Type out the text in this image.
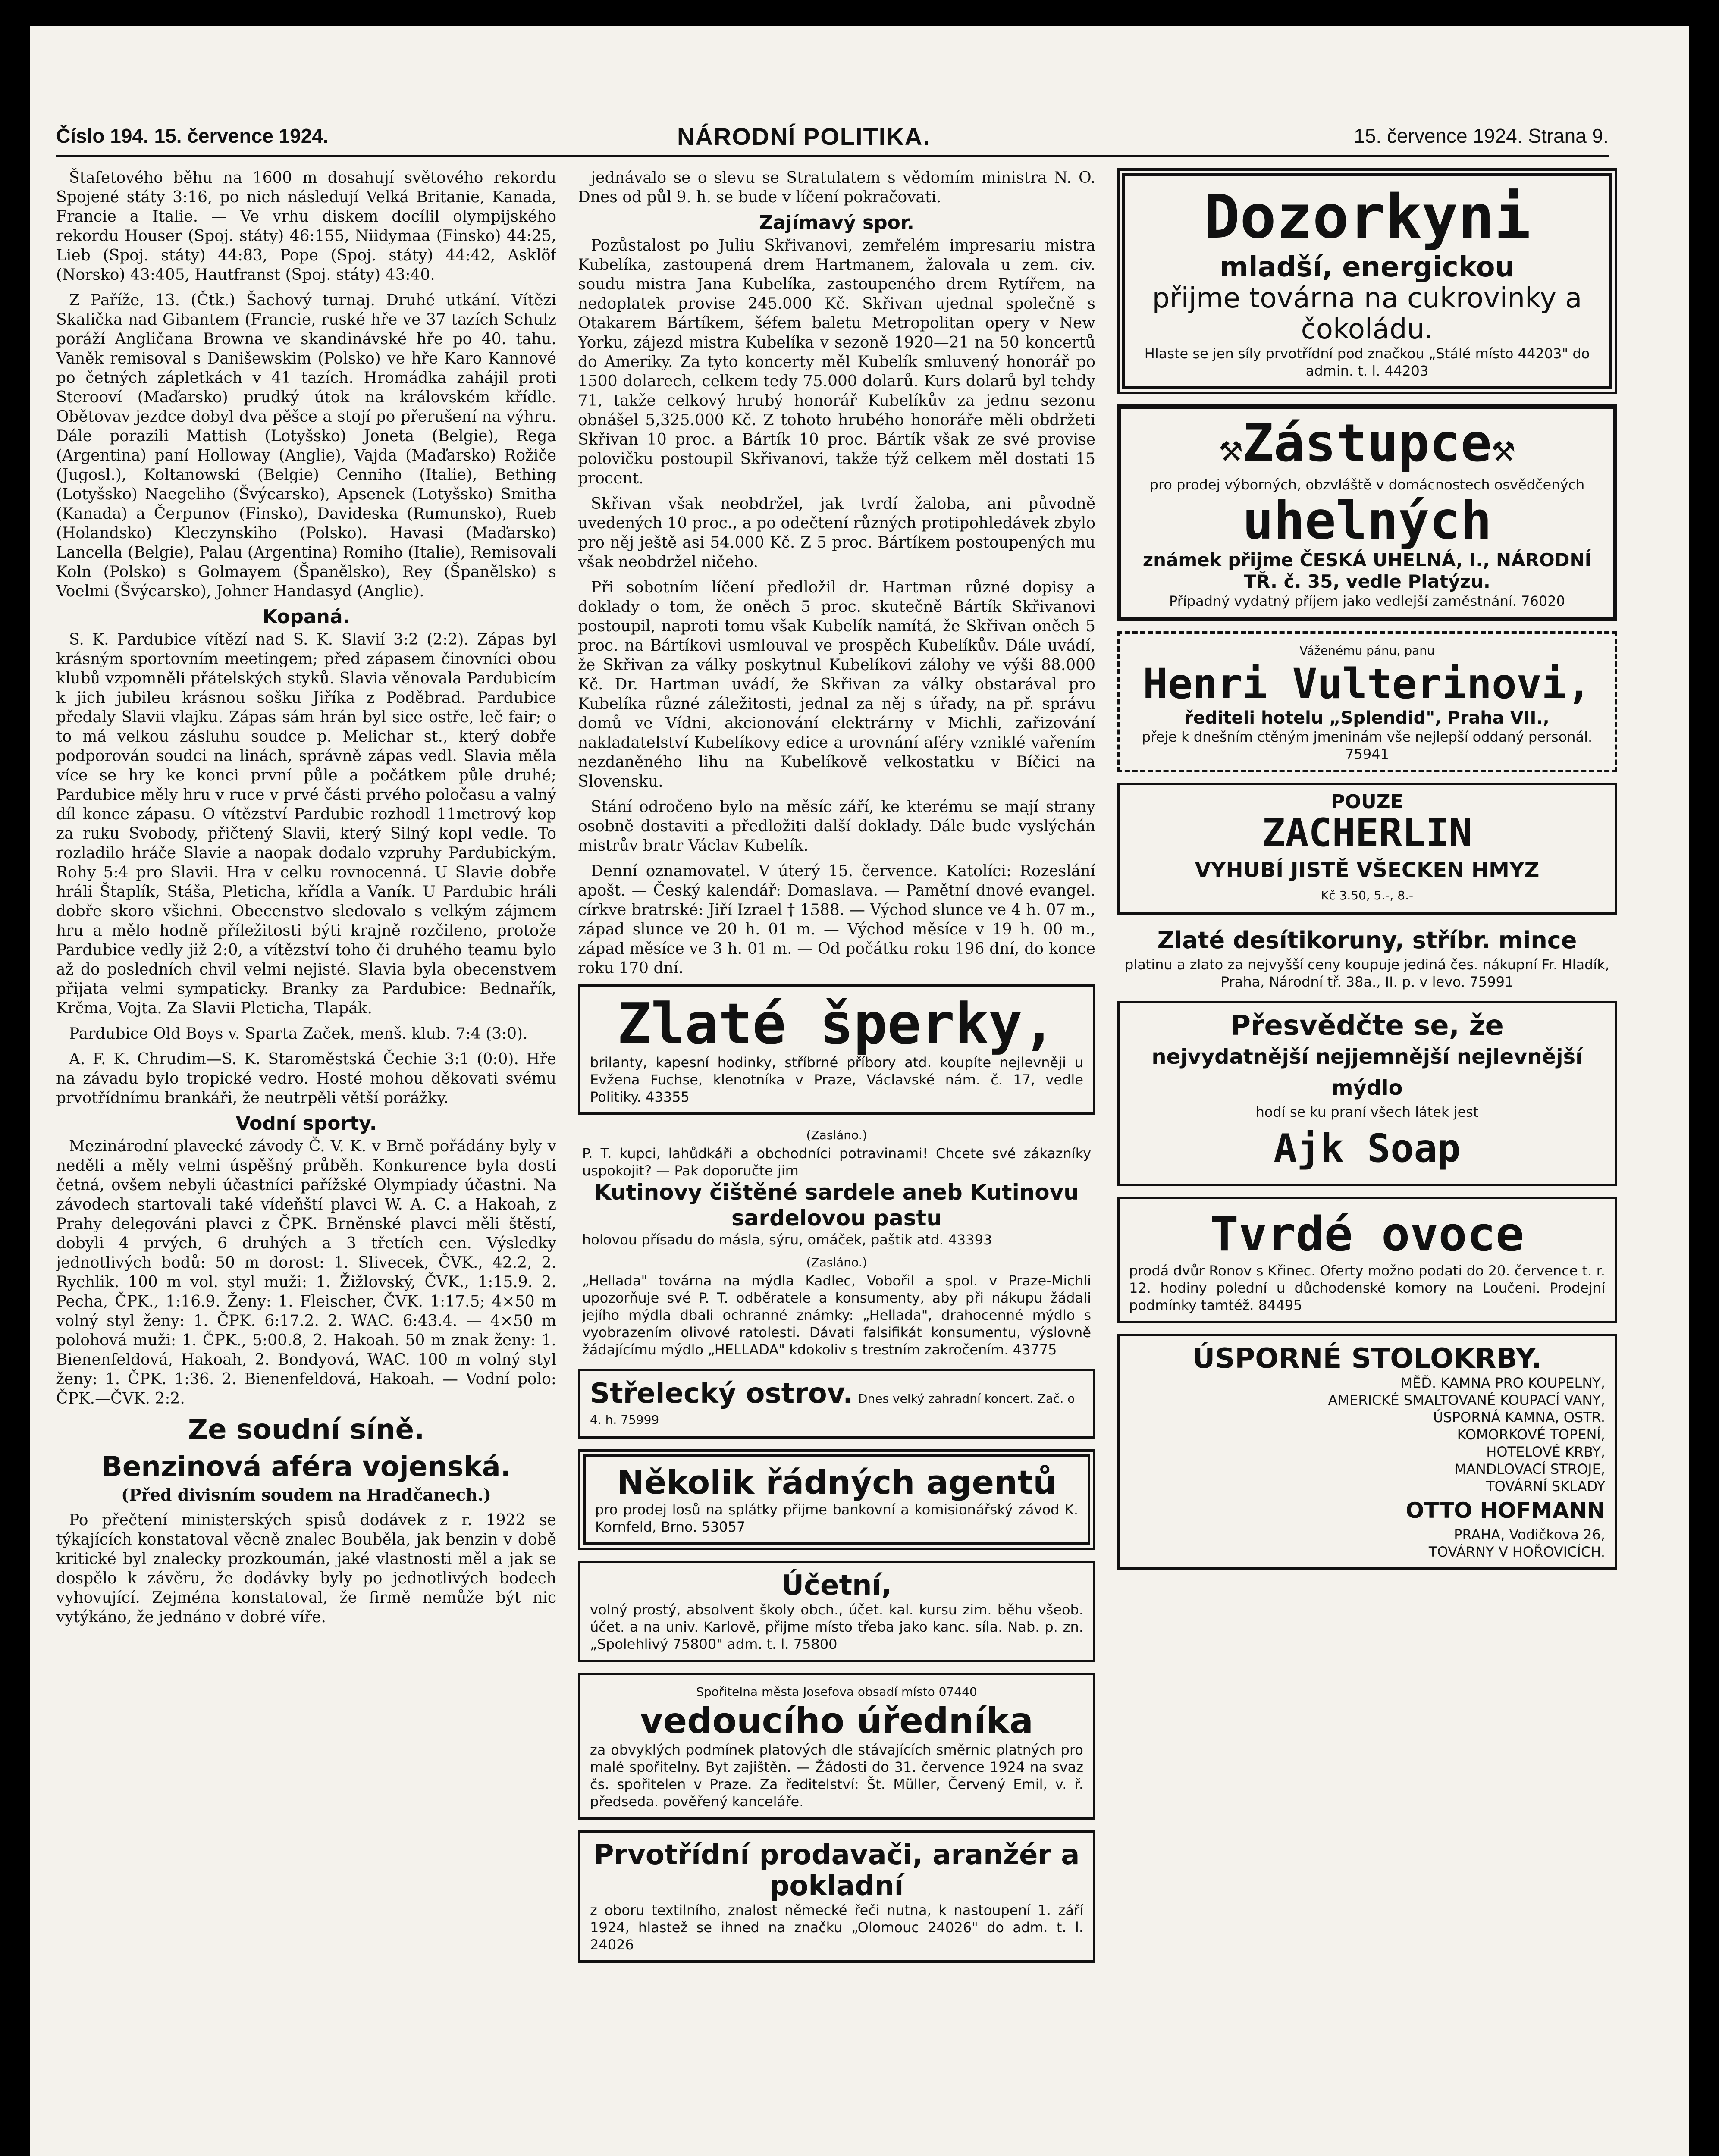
Číslo 194. 15. července 1924.	NÁRODNÍ POLITIKA.	15. července 1924. Strana 9.

Štafetového běhu na 1600 m dosahují světového rekordu Spojené státy 3:16, po nich následují Velká Britanie, Kanada, Francie a Italie. — Ve vrhu diskem docílil olympijského rekordu Houser (Spoj. státy) 46:155, Niidymaa (Finsko) 44:25, Lieb (Spoj. státy) 44:83, Pope (Spoj. státy) 44:42, Asklöf (Norsko) 43:405, Hautfranst (Spoj. státy) 43:40.

Z Paříže, 13. (Čtk.) Šachový turnaj. Druhé utkání. Vítězi Skalička nad Gibantem (Francie, ruské hře ve 37 tazích Schulz poráží Angličana Browna ve skandinávské hře po 40. tahu. Vaněk remisoval s Danišewskim (Polsko) ve hře Karo Kannové po četných zápletkách v 41 tazích. Hromádka zahájil proti Sterooví (Maďarsko) prudký útok na královském křídle. Obětovav jezdce dobyl dva pěšce a stojí po přerušení na výhru. Dále porazili Mattish (Lotyšsko) Joneta (Belgie), Rega (Argentina) paní Holloway (Anglie), Vajda (Maďarsko) Rožiče (Jugosl.), Koltanowski (Belgie) Cenniho (Italie), Bething (Lotyšsko) Naegeliho (Švýcarsko), Apsenek (Lotyšsko) Smitha (Kanada) a Čerpunov (Finsko), Davideska (Rumunsko), Rueb (Holandsko) Kleczynskiho (Polsko). Havasi (Maďarsko) Lancella (Belgie), Palau (Argentina) Romiho (Italie), Remisovali Koln (Polsko) s Golmayem (Španělsko), Rey (Španělsko) s Voelmi (Švýcarsko), Johner Handasyd (Anglie).

Kopaná.

S. K. Pardubice vítězí nad S. K. Slavií 3:2 (2:2). Zápas byl krásným sportovním meetingem; před zápasem činovníci obou klubů vzpomněli přátelských styků. Slavia věnovala Pardubicím k jich jubileu krásnou sošku Jiříka z Poděbrad. Pardubice předaly Slavii vlajku. Zápas sám hrán byl sice ostře, leč fair; o to má velkou zásluhu soudce p. Melichar st., který dobře podporován soudci na linách, správně zápas vedl. Slavia měla více se hry ke konci první půle a počátkem půle druhé; Pardubice měly hru v ruce v prvé části prvého poločasu a valný díl konce zápasu. O vítězství Pardubic rozhodl 11metrový kop za ruku Svobody, přičtený Slavii, který Silný kopl vedle. To rozladilo hráče Slavie a naopak dodalo vzpruhy Pardubickým. Rohy 5:4 pro Slavii. Hra v celku rovnocenná. U Slavie dobře hráli Štaplík, Stáša, Pleticha, křídla a Vaník. U Pardubic hráli dobře skoro všichni. Obecenstvo sledovalo s velkým zájmem hru a mělo hodně příležitosti býti krajně rozčileno, protože Pardubice vedly již 2:0, a vítězství toho či druhého teamu bylo až do posledních chvil velmi nejisté. Slavia byla obecenstvem přijata velmi sympaticky. Branky za Pardubice: Bednařík, Krčma, Vojta. Za Slavii Pleticha, Tlapák.

Pardubice Old Boys v. Sparta Začek, menš. klub. 7:4 (3:0).

A. F. K. Chrudim—S. K. Staroměstská Čechie 3:1 (0:0). Hře na závadu bylo tropické vedro. Hosté mohou děkovati svému prvotřídnímu brankáři, že neutrpěli větší porážky.

Vodní sporty.

Mezinárodní plavecké závody Č. V. K. v Brně pořádány byly v neděli a měly velmi úspěšný průběh. Konkurence byla dosti četná, ovšem nebyli účastníci pařížské Olympiady účastni. Na závodech startovali také vídeňští plavci W. A. C. a Hakoah, z Prahy delegováni plavci z ČPK. Brněnské plavci měli štěstí, dobyli 4 prvých, 6 druhých a 3 třetích cen. Výsledky jednotlivých bodů: 50 m dorost: 1. Slivecek, ČVK., 42.2, 2. Rychlik. 100 m vol. styl muži: 1. Žižlovský, ČVK., 1:15.9. 2. Pecha, ČPK., 1:16.9. Ženy: 1. Fleischer, ČVK. 1:17.5; 4×50 m volný styl ženy: 1. ČPK. 6:17.2. 2. WAC. 6:43.4. — 4×50 m polohová muži: 1. ČPK., 5:00.8, 2. Hakoah. 50 m znak ženy: 1. Bienenfeldová, Hakoah, 2. Bondyová, WAC. 100 m volný styl ženy: 1. ČPK. 1:36. 2. Bienenfeldová, Hakoah. — Vodní polo: ČPK.—ČVK. 2:2.

Ze soudní síně.
Benzinová aféra vojenská.
(Před divisním soudem na Hradčanech.)

Po přečtení ministerských spisů dodávek z r. 1922 se týkajících konstatoval věcně znalec Bouběla, jak benzin v době kritické byl znalecky prozkoumán, jaké vlastnosti měl a jak se dospělo k závěru, že dodávky byly po jednotlivých bodech vyhovující. Zejména konstatoval, že firmě nemůže být nic vytýkáno, že jednáno v dobré víře.

jednávalo se o slevu se Stratulatem s vědomím ministra N. O. Dnes od půl 9. h. se bude v líčení pokračovati.

Zajímavý spor.

Pozůstalost po Juliu Skřivanovi, zemřelém impresariu mistra Kubelíka, zastoupená drem Hartmanem, žalovala u zem. civ. soudu mistra Jana Kubelíka, zastoupeného drem Rytířem, na nedoplatek provise 245.000 Kč. Skřivan ujednal společně s Otakarem Bártíkem, šéfem baletu Metropolitan opery v New Yorku, zájezd mistra Kubelíka v sezoně 1920—21 na 50 koncertů do Ameriky. Za tyto koncerty měl Kubelík smluvený honorář po 1500 dolarech, celkem tedy 75.000 dolarů. Kurs dolarů byl tehdy 71, takže celkový hrubý honorář Kubelíkův za jednu sezonu obnášel 5,325.000 Kč. Z tohoto hrubého honoráře měli obdržeti Skřivan 10 proc. a Bártík 10 proc. Bártík však ze své provise polovičku postoupil Skřivanovi, takže týž celkem měl dostati 15 procent.

Skřivan však neobdržel, jak tvrdí žaloba, ani původně uvedených 10 proc., a po odečtení různých protipohledávek zbylo pro něj ještě asi 54.000 Kč. Z 5 proc. Bártíkem postoupených mu však neobdržel ničeho.

Při sobotním líčení předložil dr. Hartman různé dopisy a doklady o tom, že oněch 5 proc. skutečně Bártík Skřivanovi postoupil, naproti tomu však Kubelík namítá, že Skřivan oněch 5 proc. na Bártíkovi usmlouval ve prospěch Kubelíkův. Dále uvádí, že Skřivan za války poskytnul Kubelíkovi zálohy ve výši 88.000 Kč. Dr. Hartman uvádí, že Skřivan za války obstarával pro Kubelíka různé záležitosti, jednal za něj s úřady, na př. správu domů ve Vídni, akcionování elektrárny v Michli, zařizování nakladatelství Kubelíkovy edice a urovnání aféry vzniklé vařením nezdaněného lihu na Kubelíkově velkostatku v Bíčici na Slovensku.

Stání odročeno bylo na měsíc září, ke kterému se mají strany osobně dostaviti a předložiti další doklady. Dále bude vyslýchán mistrův bratr Václav Kubelík.

Denní oznamovatel. V úterý 15. července. Katolíci: Rozeslání apošt. — Český kalendář: Domaslava. — Pamětní dnové evangel. církve bratrské: Jiří Izrael † 1588. — Východ slunce ve 4 h. 07 m., západ slunce ve 20 h. 01 m. — Východ měsíce v 19 h. 00 m., západ měsíce ve 3 h. 01 m. — Od počátku roku 196 dní, do konce roku 170 dní.

Zlaté šperky,
brilanty, kapesní hodinky, stříbrné příbory atd. koupíte nejlevněji u Evžena Fuchse, klenotníka v Praze, Václavské nám. č. 17, vedle Politiky. 43355
(Zasláno.)
P. T. kupci, lahůdkáři a obchodníci potravinami! Chcete své zákazníky uspokojit? — Pak doporučte jim
Kutinovy čištěné sardele aneb Kutinovu sardelovou pastu
holovou přísadu do másla, sýru, omáček, paštik atd. 43393
(Zasláno.)
„Hellada" továrna na mýdla Kadlec, Vobořil a spol. v Praze-Michli upozorňuje své P. T. odběratele a konsumenty, aby při nákupu žádali jejího mýdla dbali ochranné známky: „Hellada", drahocenné mýdlo s vyobrazením olivové ratolesti. Dávati falsifikát konsumentu, výslovně žádajícímu mýdlo „HELLADA" kdokoliv s trestním zakročením. 43775
Střelecký ostrov. Dnes velký zahradní koncert. Zač. o 4. h. 75999
Několik řádných agentů
pro prodej losů na splátky přijme bankovní a komisionářský závod K. Kornfeld, Brno. 53057
Účetní,
volný prostý, absolvent školy obch., účet. kal. kursu zim. běhu všeob. účet. a na univ. Karlově, přijme místo třeba jako kanc. síla. Nab. p. zn. „Spolehlivý 75800" adm. t. l. 75800
Spořitelna města Josefova obsadí místo 07440
vedoucího úředníka
za obvyklých podmínek platových dle stávajících směrnic platných pro malé spořitelny. Byt zajištěn. — Žádosti do 31. července 1924 na svaz čs. spořitelen v Praze. Za ředitelství: Št. Müller, Červený Emil, v. ř. předseda. pověřený kanceláře.
Prvotřídní prodavači, aranžér a pokladní
z oboru textilního, znalost německé řeči nutna, k nastoupení 1. září 1924, hlastež se ihned na značku „Olomouc 24026" do adm. t. l. 24026
Dozorkyni
mladší, energickou
přijme továrna na cukrovinky a čokoládu.
Hlaste se jen síly prvotřídní pod značkou „Stálé místo 44203" do admin. t. l. 44203
⚒Zástupce⚒
pro prodej výborných, obzvláště v domácnostech osvědčených
uhelných
známek přijme ČESKÁ UHELNÁ, I., NÁRODNÍ TŘ. č. 35, vedle Platýzu.
Případný vydatný příjem jako vedlejší zaměstnání. 76020
Váženému pánu, panu
Henri Vulterinovi,
řediteli hotelu „Splendid", Praha VII.,
přeje k dnešním ctěným jmeninám vše nejlepší oddaný personál. 75941
POUZE
ZACHERLIN
VYHUBÍ JISTĚ VŠECKEN HMYZ
Kč 3.50, 5.-, 8.-
Zlaté desítikoruny, stříbr. mince
platinu a zlato za nejvyšší ceny koupuje jediná čes. nákupní Fr. Hladík, Praha, Národní tř. 38a., II. p. v levo. 75991
Přesvědčte se, že
nejvydatnější nejjemnější nejlevnější mýdlo
hodí se ku praní všech látek jest
Ajk Soap
Tvrdé ovoce
prodá dvůr Ronov s Křinec. Oferty možno podati do 20. července t. r. 12. hodiny polední u důchodenské komory na Loučeni. Prodejní podmínky tamtéž. 84495
ÚSPORNÉ STOLOKRBY.
MĚĎ. KAMNA PRO KOUPELNY,
AMERICKÉ SMALTOVANÉ KOUPACÍ VANY,
ÚSPORNÁ KAMNA, OSTR.
KOMORKOVÉ TOPENÍ,
HOTELOVÉ KRBY,
MANDLOVACÍ STROJE,
TOVÁRNÍ SKLADY
OTTO HOFMANN
PRAHA, Vodičkova 26,
TOVÁRNY V HOŘOVICÍCH.
